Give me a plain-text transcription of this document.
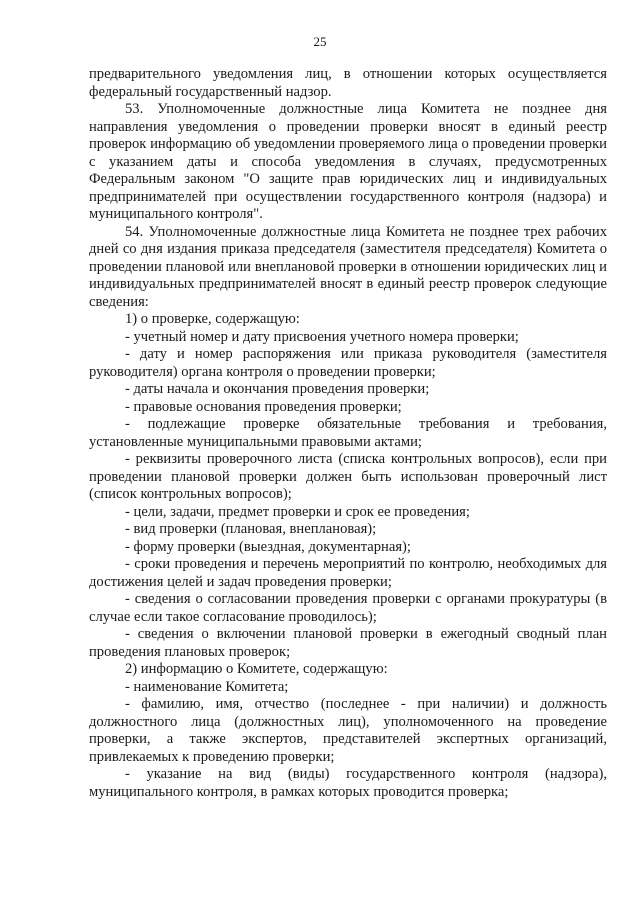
25

предварительного уведомления лиц, в отношении которых осуществляется федеральный государственный надзор.

53. Уполномоченные должностные лица Комитета не позднее дня направления уведомления о проведении проверки вносят в единый реестр проверок информацию об уведомлении проверяемого лица о проведении проверки с указанием даты и способа уведомления в случаях, предусмотренных Федеральным законом "О защите прав юридических лиц и индивидуальных предпринимателей при осуществлении государственного контроля (надзора) и муниципального контроля".

54. Уполномоченные должностные лица Комитета не позднее трех рабочих дней со дня издания приказа председателя (заместителя председателя) Комитета о проведении плановой или внеплановой проверки в отношении юридических лиц и индивидуальных предпринимателей вносят в единый реестр проверок следующие сведения:

1) о проверке, содержащую:

- учетный номер и дату присвоения учетного номера проверки;

- дату и номер распоряжения или приказа руководителя (заместителя руководителя) органа контроля о проведении проверки;

- даты начала и окончания проведения проверки;

- правовые основания проведения проверки;

- подлежащие проверке обязательные требования и требования, установленные муниципальными правовыми актами;

- реквизиты проверочного листа (списка контрольных вопросов), если при проведении плановой проверки должен быть использован проверочный лист (список контрольных вопросов);

- цели, задачи, предмет проверки и срок ее проведения;

- вид проверки (плановая, внеплановая);

- форму проверки (выездная, документарная);

- сроки проведения и перечень мероприятий по контролю, необходимых для достижения целей и задач проведения проверки;

- сведения о согласовании проведения проверки с органами прокуратуры (в случае если такое согласование проводилось);

- сведения о включении плановой проверки в ежегодный сводный план проведения плановых проверок;

2) информацию о Комитете, содержащую:

- наименование Комитета;

- фамилию, имя, отчество (последнее - при наличии) и должность должностного лица (должностных лиц), уполномоченного на проведение проверки, а также экспертов, представителей экспертных организаций, привлекаемых к проведению проверки;

- указание на вид (виды) государственного контроля (надзора), муниципального контроля, в рамках которых проводится проверка;
